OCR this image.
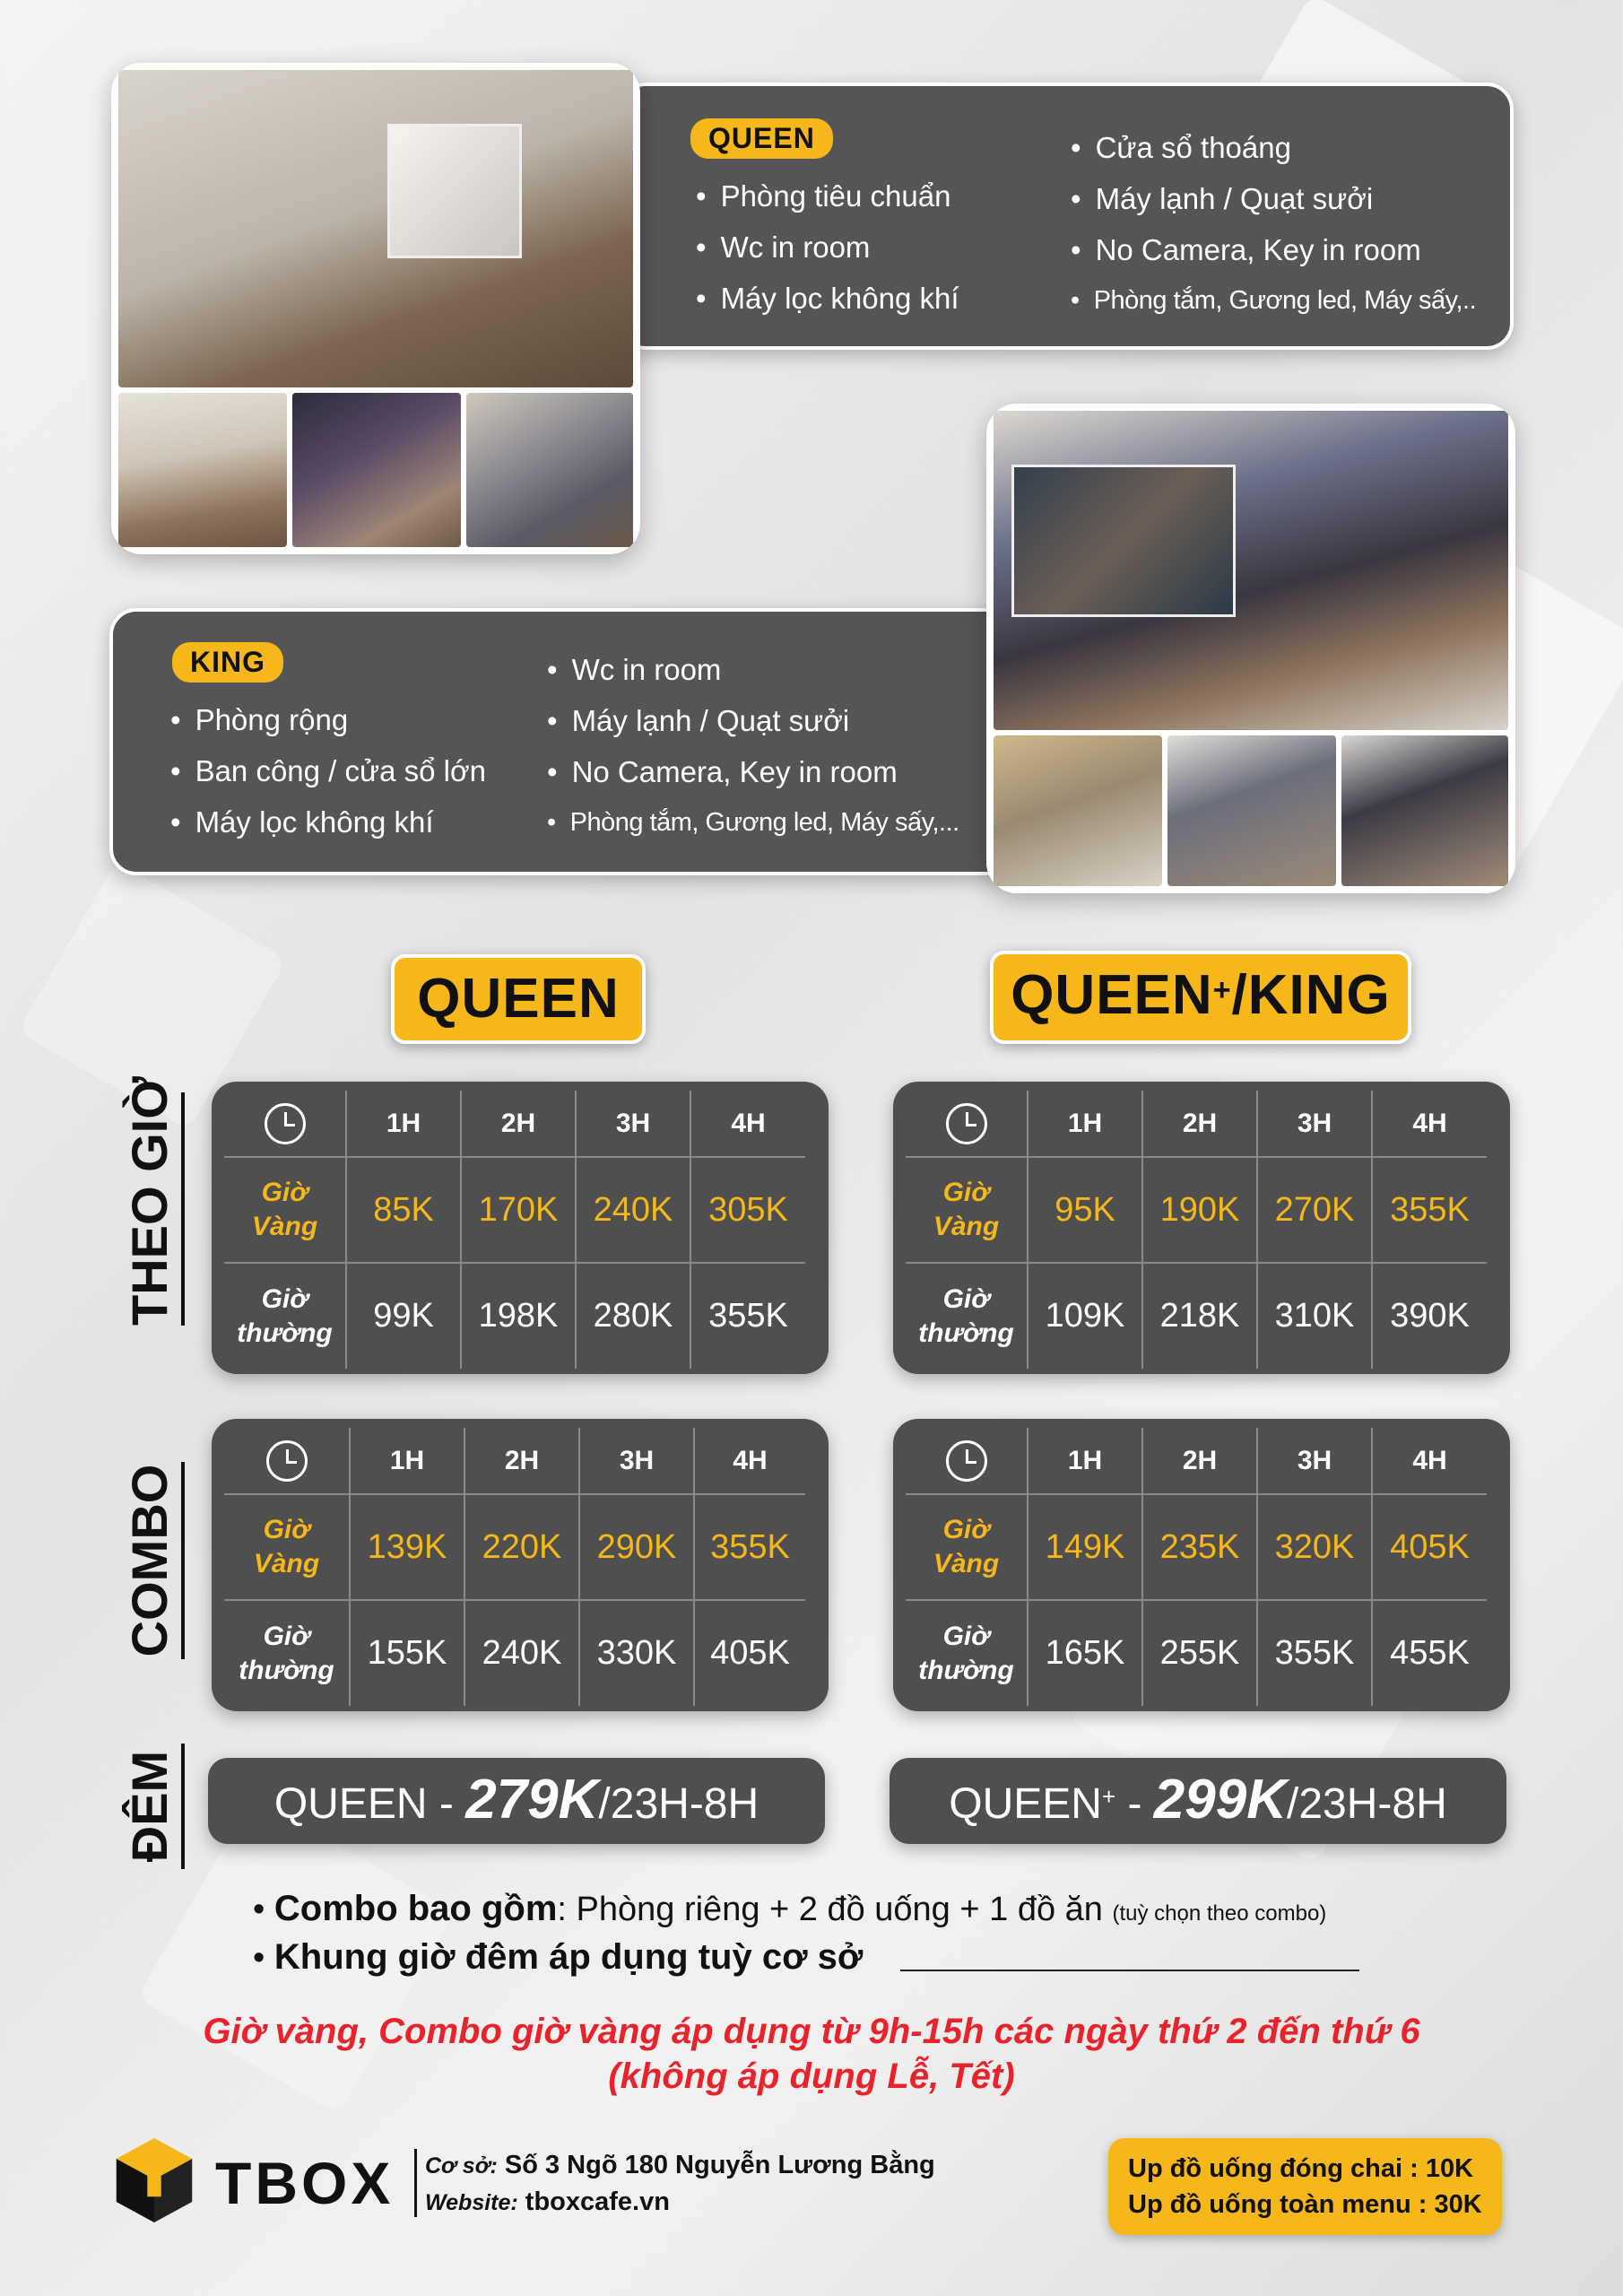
QUEEN
• Phòng tiêu chuẩn
• Wc in room
• Máy lọc không khí
• Cửa sổ thoáng
• Máy lạnh / Quạt sưởi
• No Camera, Key in room
• Phòng tắm, Gương led, Máy sấy,..
KING
• Phòng rộng
• Ban công / cửa sổ lớn
• Máy lọc không khí
• Wc in room
• Máy lạnh / Quạt sưởi
• No Camera, Key in room
• Phòng tắm, Gương led, Máy sấy,...
QUEEN	QUEEN+/KING
THEO GIỜ
COMBO
ĐÊM
	1H	2H	3H	4H
Giờ
Vàng	85K	170K	240K	305K
Giờ
thường	99K	198K	280K	355K
	1H	2H	3H	4H
Giờ
Vàng	95K	190K	270K	355K
Giờ
thường	109K	218K	310K	390K
	1H	2H	3H	4H
Giờ
Vàng	139K	220K	290K	355K
Giờ
thường	155K	240K	330K	405K
	1H	2H	3H	4H
Giờ
Vàng	149K	235K	320K	405K
Giờ
thường	165K	255K	355K	455K
QUEEN - 279K/23H-8H	QUEEN+ - 299K/23H-8H
• Combo bao gồm: Phòng riêng + 2 đồ uống + 1 đồ ăn (tuỳ chọn theo combo)
• Khung giờ đêm áp dụng tuỳ cơ sở
Giờ vàng, Combo giờ vàng áp dụng từ 9h-15h các ngày thứ 2 đến thứ 6
(không áp dụng Lễ, Tết)
TBOX Cơ sở: Số 3 Ngõ 180 Nguyễn Lương Bằng
Website: tboxcafe.vn
Up đồ uống đóng chai : 10K
Up đồ uống toàn menu : 30K
